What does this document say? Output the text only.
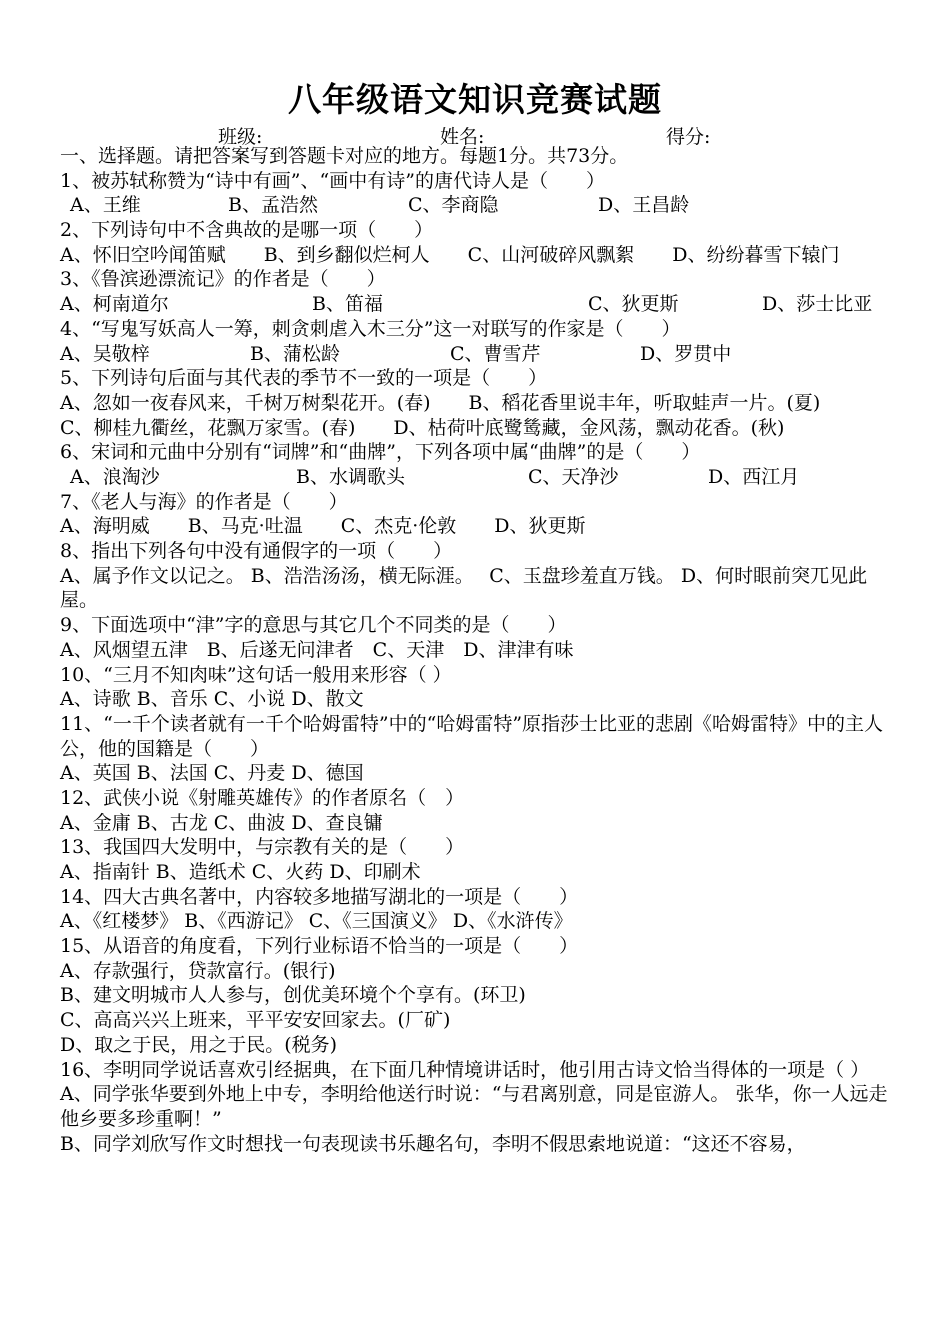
八年级语文知识竞赛试题
班级:	姓名:	得分:
一、选择题。请把答案写到答题卡对应的地方。每题1分。共73分。
1、被苏轼称赞为“诗中有画”、“画中有诗”的唐代诗人是（　　）
A、王维	B、孟浩然	C、李商隐	D、王昌龄
2、下列诗句中不含典故的是哪一项（　　）
A、怀旧空吟闻笛赋　　B、到乡翻似烂柯人　　C、山河破碎风飘絮　　D、纷纷暮雪下辕门
3、《鲁滨逊漂流记》的作者是（　　）
A、柯南道尔	B、笛福	C、狄更斯	D、莎士比亚
4、“写鬼写妖高人一筹，刺贪刺虐入木三分”这一对联写的作家是（　　）
A、吴敬梓	B、蒲松龄	C、曹雪芹	D、罗贯中
5、下列诗句后面与其代表的季节不一致的一项是（　　）
A、忽如一夜春风来，千树万树梨花开。(春)　　B、稻花香里说丰年，听取蛙声一片。(夏)
C、柳桂九衢丝，花飘万家雪。(春)　　D、枯荷叶底鹭鸶藏，金风荡，飘动花香。(秋)
6、宋词和元曲中分别有“词牌”和“曲牌”，下列各项中属“曲牌”的是（　　）
A、浪淘沙	B、水调歌头	C、天净沙	D、西江月
7、《老人与海》的作者是（　　）
A、海明威　　B、马克·吐温　　C、杰克·伦敦　　D、狄更斯
8、指出下列各句中没有通假字的一项（　　）
A、属予作文以记之。 B、浩浩汤汤，横无际涯。　 C、玉盘珍羞直万钱。 D、何时眼前突兀见此屋。
9、下面选项中“津”字的意思与其它几个不同类的是（　　）
A、风烟望五津　B、后遂无问津者　C、天津　D、津津有味
10、“三月不知肉味”这句话一般用来形容（ ）
A、诗歌 B、音乐 C、小说 D、散文
11、“一千个读者就有一千个哈姆雷特”中的“哈姆雷特”原指莎士比亚的悲剧《哈姆雷特》中的主人公，他的国籍是（　　）
A、英国 B、法国 C、丹麦 D、德国
12、武侠小说《射雕英雄传》的作者原名（　）
A、金庸 B、古龙 C、曲波 D、查良镛
13、我国四大发明中，与宗教有关的是（　　）
A、指南针 B、造纸术 C、火药 D、印刷术
14、四大古典名著中，内容较多地描写湖北的一项是（　　）
A、《红楼梦》 B、《西游记》 C、《三国演义》 D、《水浒传》
15、从语音的角度看，下列行业标语不恰当的一项是（　　）
A、存款强行，贷款富行。(银行)
B、建文明城市人人参与，创优美环境个个享有。(环卫)
C、高高兴兴上班来，平平安安回家去。(厂矿)
D、取之于民，用之于民。(税务)
16、李明同学说话喜欢引经据典，在下面几种情境讲话时，他引用古诗文恰当得体的一项是（ ）
A、同学张华要到外地上中专，李明给他送行时说：“与君离别意，同是宦游人。 张华，你一人远走他乡要多珍重啊！”
B、同学刘欣写作文时想找一句表现读书乐趣名句，李明不假思索地说道：“这还不容易，
